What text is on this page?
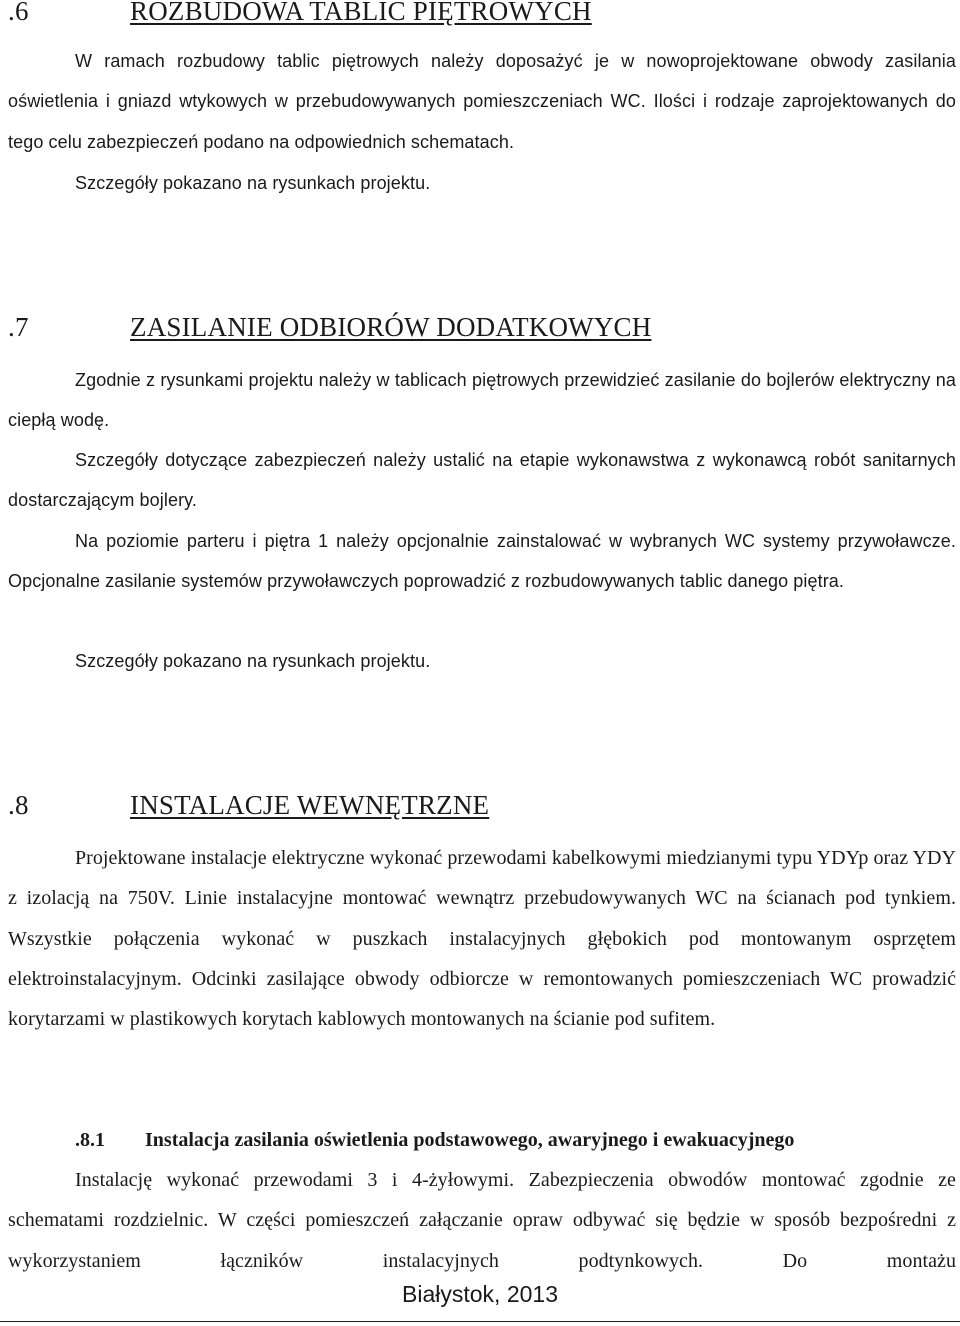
.6	ROZBUDOWA TABLIC PIĘTROWYCH

W ramach rozbudowy tablic piętrowych należy doposażyć je w nowoprojektowane obwody zasilania oświetlenia i gniazd wtykowych w przebudowywanych pomieszczeniach WC. Ilości i rodzaje zaprojektowanych do tego celu zabezpieczeń podano na odpowiednich schematach.

Szczegóły pokazano na rysunkach projektu.

.7	ZASILANIE ODBIORÓW DODATKOWYCH

Zgodnie z rysunkami projektu należy w tablicach piętrowych przewidzieć zasilanie do bojlerów elektryczny na ciepłą wodę.

Szczegóły dotyczące zabezpieczeń należy ustalić na etapie wykonawstwa z wykonawcą robót sanitarnych dostarczającym bojlery.

Na poziomie parteru i piętra 1 należy opcjonalnie zainstalować w wybranych WC systemy przywoławcze. Opcjonalne zasilanie systemów przywoławczych poprowadzić z rozbudowywanych tablic danego piętra.

Szczegóły pokazano na rysunkach projektu.

.8	INSTALACJE WEWNĘTRZNE

Projektowane instalacje elektryczne wykonać przewodami kabelkowymi miedzianymi typu YDYp oraz YDY z izolacją na 750V. Linie instalacyjne montować wewnątrz przebudowywanych WC na ścianach pod tynkiem. Wszystkie połączenia wykonać w puszkach instalacyjnych głębokich pod montowanym osprzętem elektroinstalacyjnym. Odcinki zasilające obwody odbiorcze w remontowanych pomieszczeniach WC prowadzić korytarzami w plastikowych korytach kablowych montowanych na ścianie pod sufitem.

.8.1 Instalacja zasilania oświetlenia podstawowego, awaryjnego i ewakuacyjnego

Instalację wykonać przewodami 3 i 4-żyłowymi. Zabezpieczenia obwodów montować zgodnie ze schematami rozdzielnic. W części pomieszczeń załączanie opraw odbywać się będzie w sposób bezpośredni z wykorzystaniem łączników instalacyjnych podtynkowych. Do montażu

Białystok, 2013
